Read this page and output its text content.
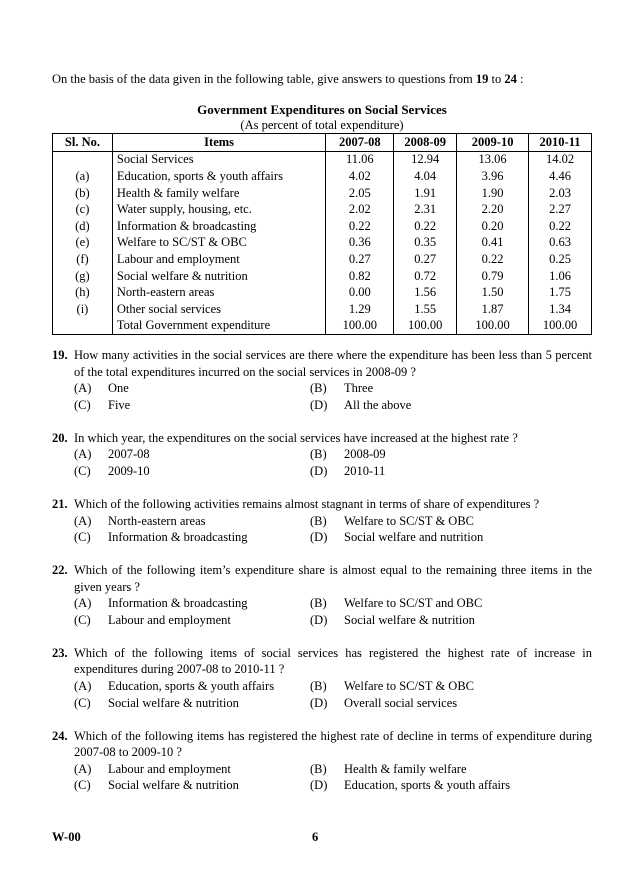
On the basis of the data given in the following table, give answers to questions from 19 to 24 :
Government Expenditures on Social Services
(As percent of total expenditure)
Sl. No.	Items	2007-08	2008-09	2009-10	2010-11
	Social Services	11.06	12.94	13.06	14.02
(a)	Education, sports & youth affairs	4.02	4.04	3.96	4.46
(b)	Health & family welfare	2.05	1.91	1.90	2.03
(c)	Water supply, housing, etc.	2.02	2.31	2.20	2.27
(d)	Information & broadcasting	0.22	0.22	0.20	0.22
(e)	Welfare to SC/ST & OBC	0.36	0.35	0.41	0.63
(f)	Labour and employment	0.27	0.27	0.22	0.25
(g)	Social welfare & nutrition	0.82	0.72	0.79	1.06
(h)	North-eastern areas	0.00	1.56	1.50	1.75
(i)	Other social services	1.29	1.55	1.87	1.34
	Total Government expenditure	100.00	100.00	100.00	100.00
19. How many activities in the social services are there where the expenditure has been less than 5 percent of the total expenditures incurred on the social services in 2008-09 ?
(A)	One	(B)	Three
(C)	Five	(D)	All the above
20. In which year, the expenditures on the social services have increased at the highest rate ?
(A)	2007-08	(B)	2008-09
(C)	2009-10	(D)	2010-11
21. Which of the following activities remains almost stagnant in terms of share of expenditures ?
(A)	North-eastern areas	(B)	Welfare to SC/ST & OBC
(C)	Information & broadcasting	(D)	Social welfare and nutrition
22. Which of the following item’s expenditure share is almost equal to the remaining three items in the given years ?
(A)	Information & broadcasting	(B)	Welfare to SC/ST and OBC
(C)	Labour and employment	(D)	Social welfare & nutrition
23. Which of the following items of social services has registered the highest rate of increase in expenditures during 2007-08 to 2010-11 ?
(A)	Education, sports & youth affairs	(B)	Welfare to SC/ST & OBC
(C)	Social welfare & nutrition	(D)	Overall social services
24. Which of the following items has registered the highest rate of decline in terms of expenditure during 2007-08 to 2009-10 ?
(A)	Labour and employment	(B)	Health & family welfare
(C)	Social welfare & nutrition	(D)	Education, sports & youth affairs
W-00	6
